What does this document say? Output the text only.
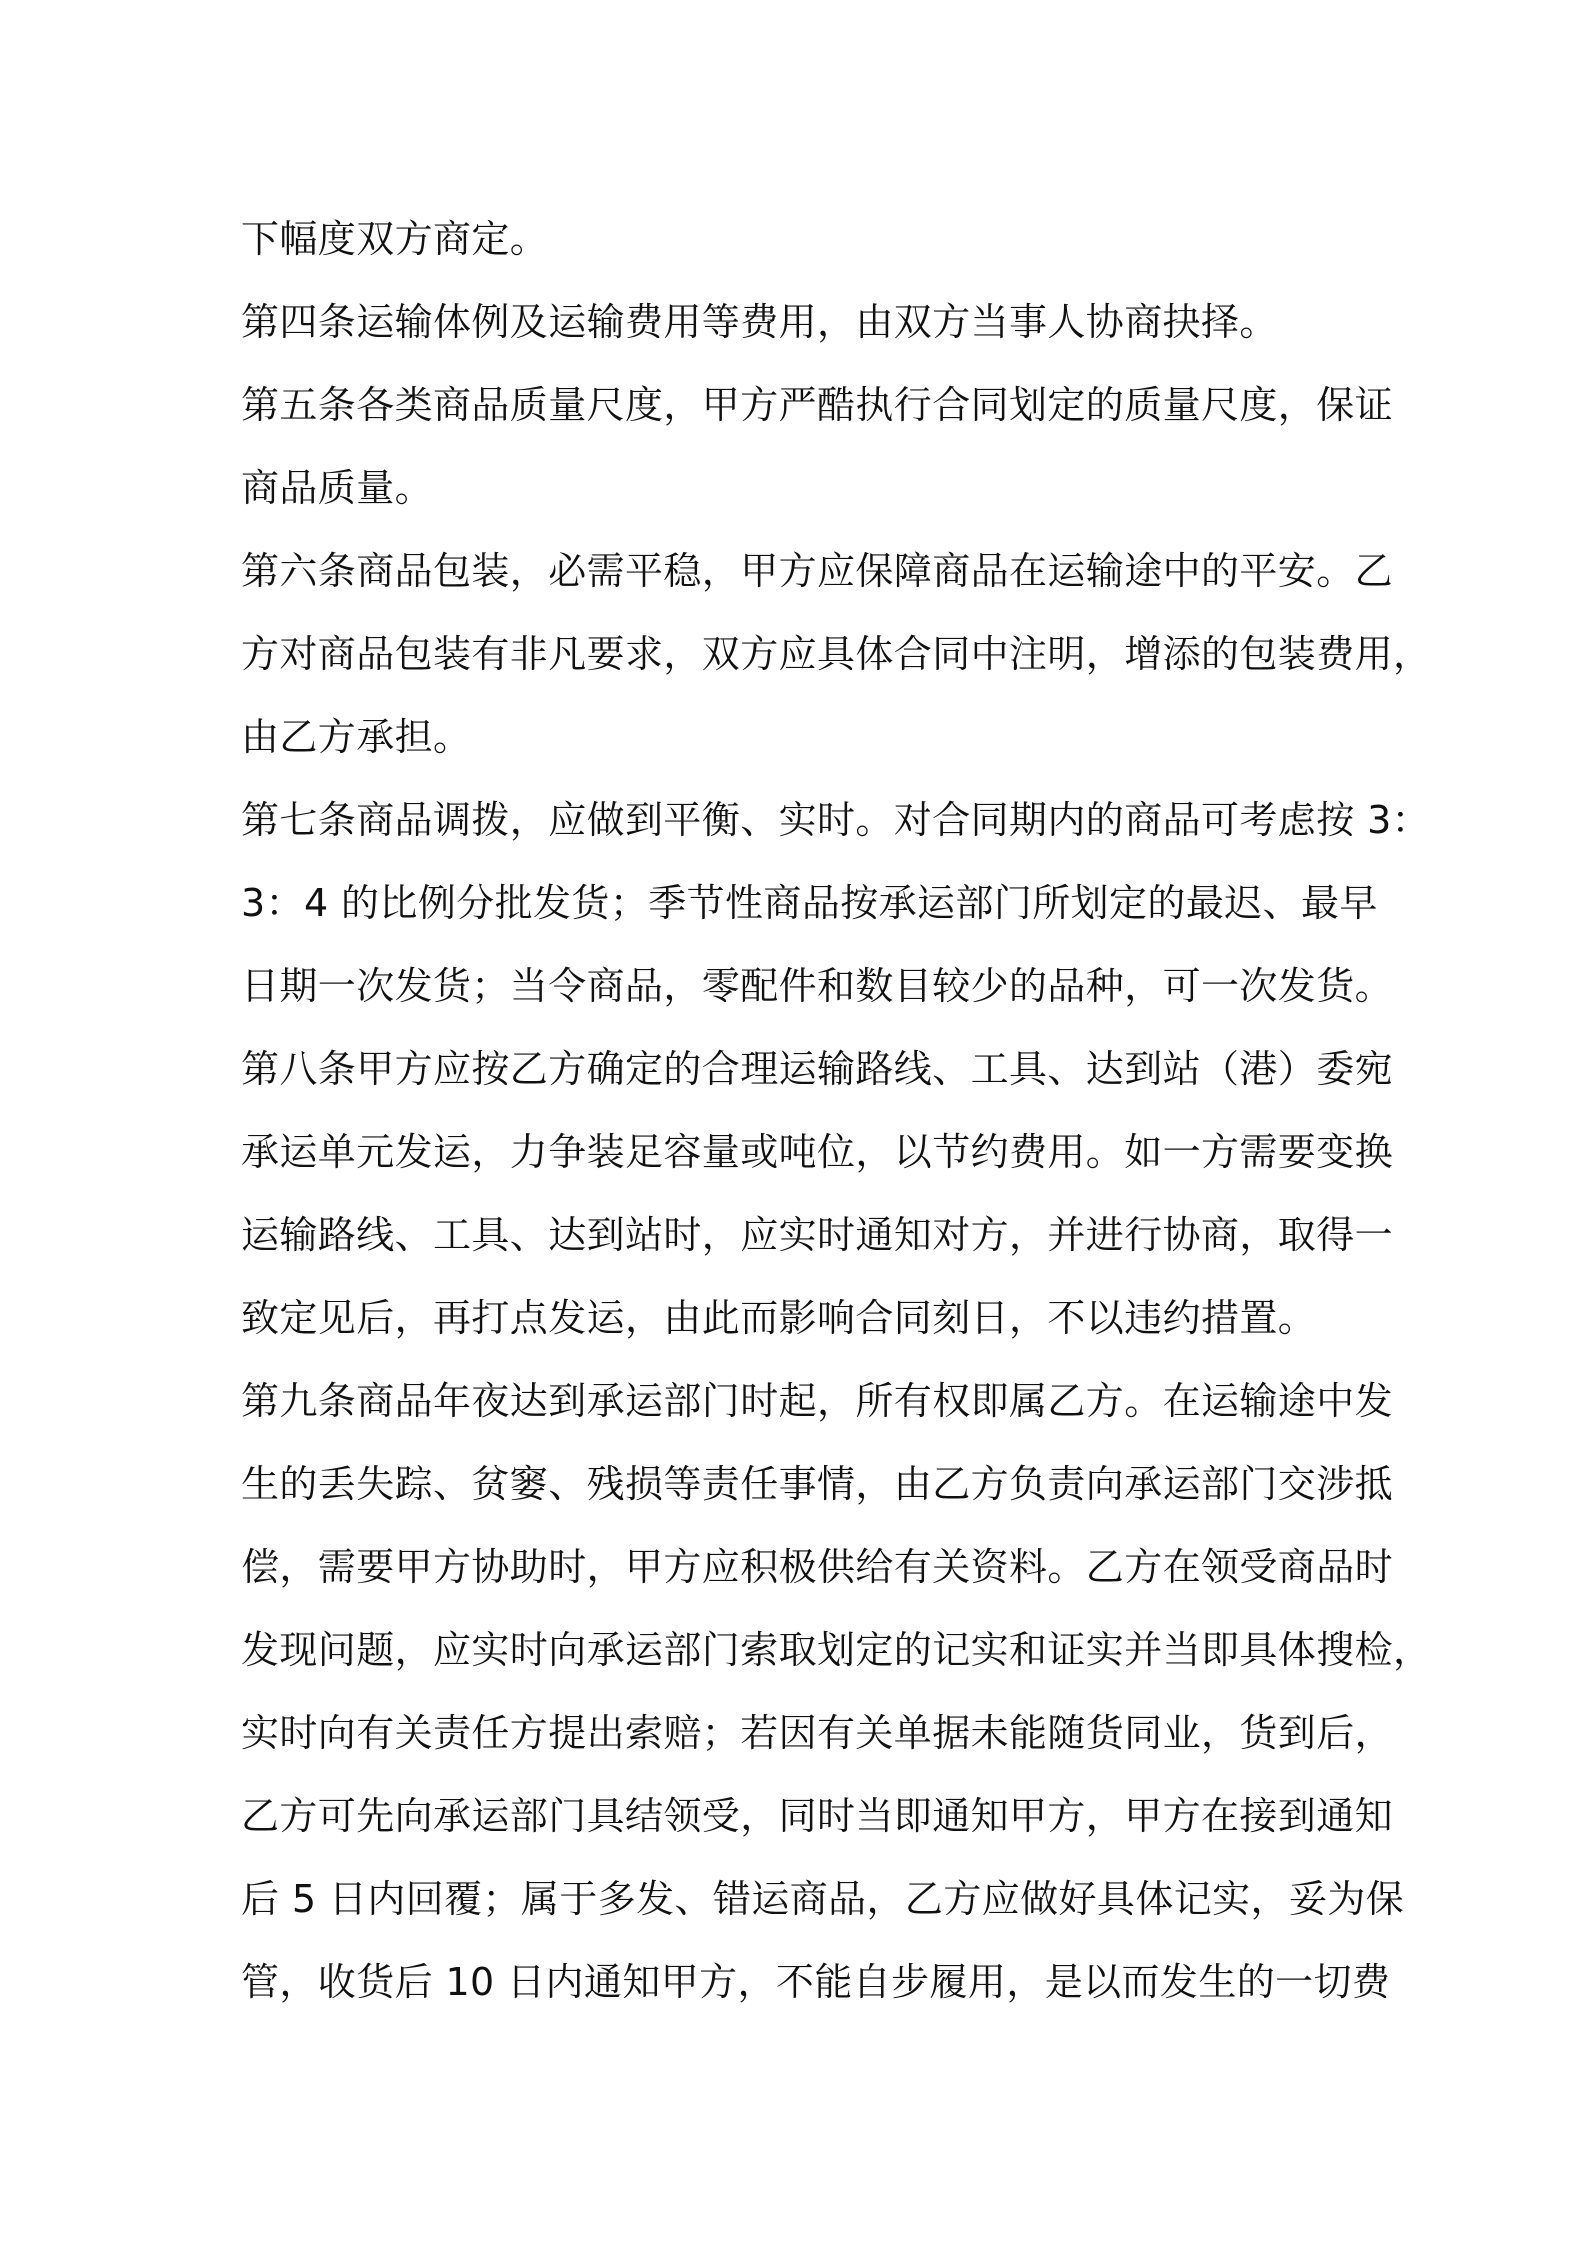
下幅度双方商定。
第四条运输体例及运输费用等费用，由双方当事人协商抉择。
第五条各类商品质量尺度，甲方严酷执行合同划定的质量尺度，保证
商品质量。
第六条商品包装，必需平稳，甲方应保障商品在运输途中的平安。乙
方对商品包装有非凡要求，双方应具体合同中注明，增添的包装费用，
由乙方承担。
第七条商品调拨，应做到平衡、实时。对合同期内的商品可考虑按 3：
3：4 的比例分批发货；季节性商品按承运部门所划定的最迟、最早
日期一次发货；当令商品，零配件和数目较少的品种，可一次发货。
第八条甲方应按乙方确定的合理运输路线、工具、达到站（港）委宛
承运单元发运，力争装足容量或吨位，以节约费用。如一方需要变换
运输路线、工具、达到站时，应实时通知对方，并进行协商，取得一
致定见后，再打点发运，由此而影响合同刻日，不以违约措置。
第九条商品年夜达到承运部门时起，所有权即属乙方。在运输途中发
生的丢失踪、贫窭、残损等责任事情，由乙方负责向承运部门交涉抵
偿，需要甲方协助时，甲方应积极供给有关资料。乙方在领受商品时
发现问题，应实时向承运部门索取划定的记实和证实并当即具体搜检，
实时向有关责任方提出索赔；若因有关单据未能随货同业，货到后，
乙方可先向承运部门具结领受，同时当即通知甲方，甲方在接到通知
后 5 日内回覆；属于多发、错运商品，乙方应做好具体记实，妥为保
管，收货后 10 日内通知甲方，不能自步履用，是以而发生的一切费
